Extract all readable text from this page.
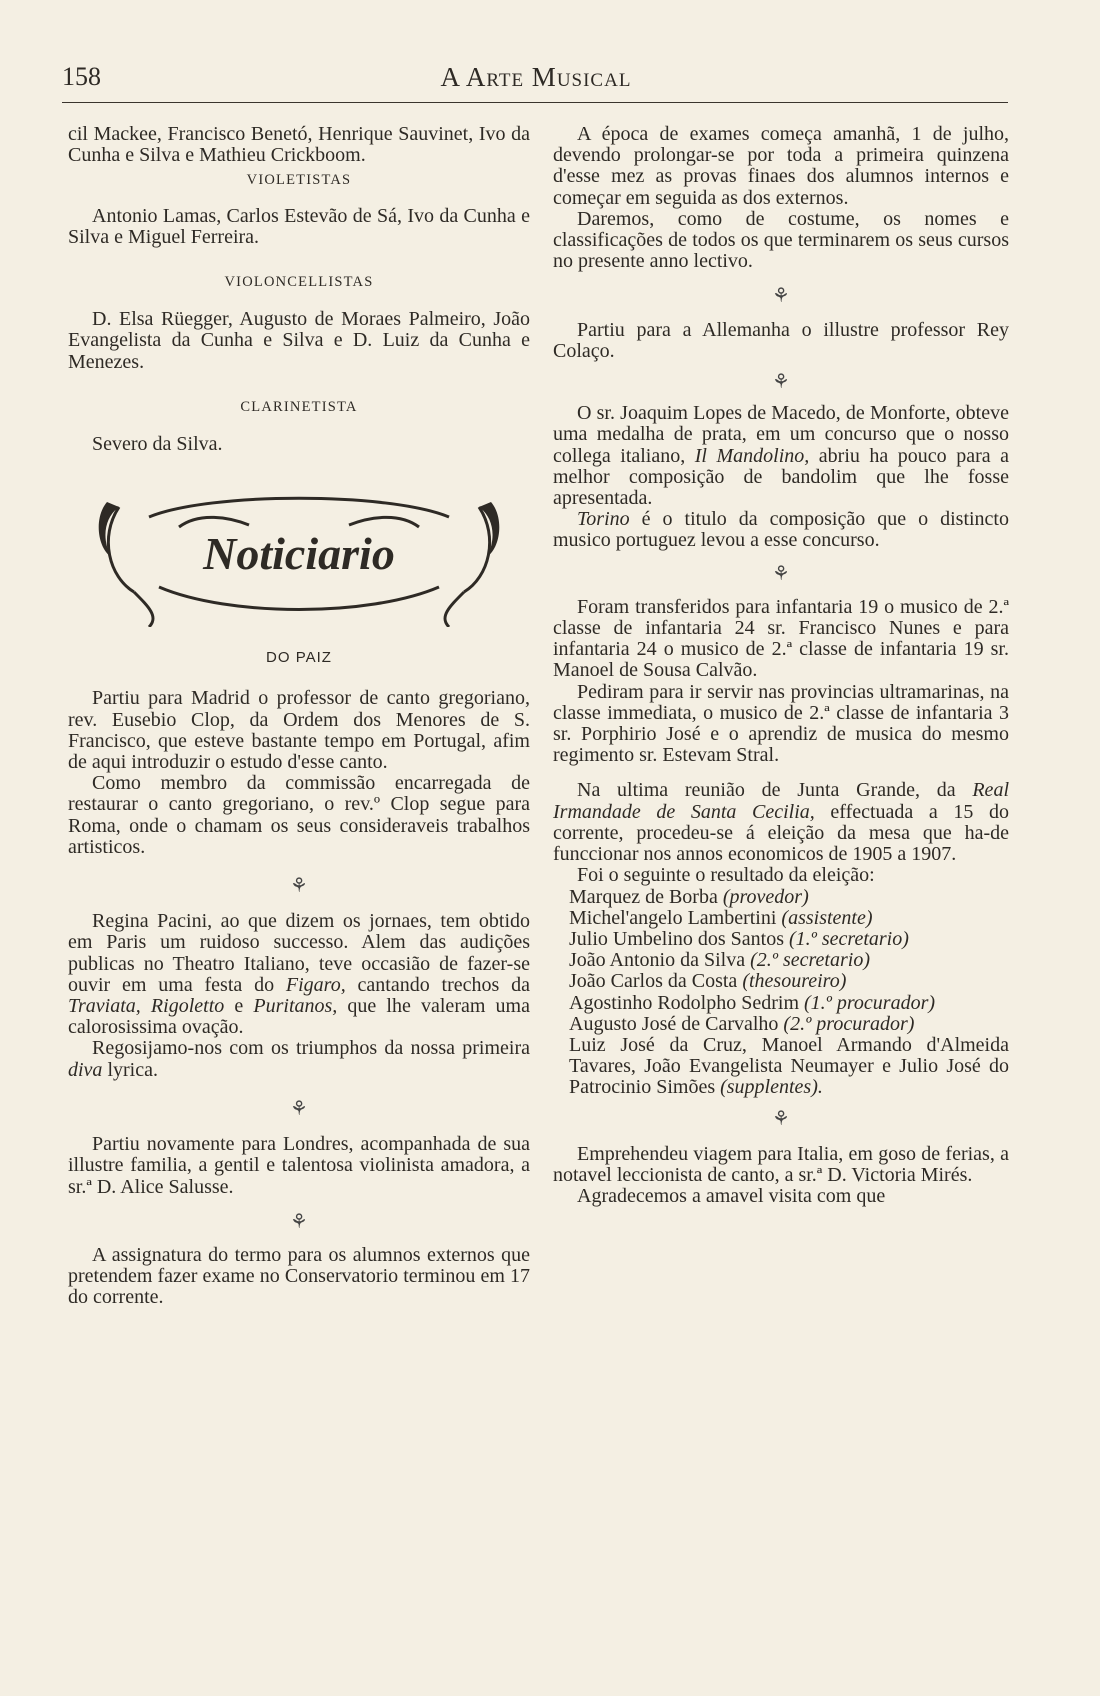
158	A Arte Musical

cil Mackee, Francisco Benetó, Henrique Sauvinet, Ivo da Cunha e Silva e Mathieu Crickboom.

VIOLETISTAS

Antonio Lamas, Carlos Estevão de Sá, Ivo da Cunha e Silva e Miguel Ferreira.

VIOLONCELLISTAS

D. Elsa Rüegger, Augusto de Moraes Palmeiro, João Evangelista da Cunha e Silva e D. Luiz da Cunha e Menezes.

CLARINETISTA

Severo da Silva.

Noticiario

DO PAIZ

Partiu para Madrid o professor de canto gregoriano, rev. Eusebio Clop, da Ordem dos Menores de S. Francisco, que esteve bastante tempo em Portugal, afim de aqui introduzir o estudo d'esse canto.

Como membro da commissão encarregada de restaurar o canto gregoriano, o rev.º Clop segue para Roma, onde o chamam os seus consideraveis trabalhos artisticos.

⚘

Regina Pacini, ao que dizem os jornaes, tem obtido em Paris um ruidoso successo. Alem das audições publicas no Theatro Italiano, teve occasião de fazer-se ouvir em uma festa do Figaro, cantando trechos da Traviata, Rigoletto e Puritanos, que lhe valeram uma calorosissima ovação.

Regosijamo-nos com os triumphos da nossa primeira diva lyrica.

⚘

Partiu novamente para Londres, acompanhada de sua illustre familia, a gentil e talentosa violinista amadora, a sr.ª D. Alice Salusse.

⚘

A assignatura do termo para os alumnos externos que pretendem fazer exame no Conservatorio terminou em 17 do corrente.

A época de exames começa amanhã, 1 de julho, devendo prolongar-se por toda a primeira quinzena d'esse mez as provas finaes dos alumnos internos e começar em seguida as dos externos.

Daremos, como de costume, os nomes e classificações de todos os que terminarem os seus cursos no presente anno lectivo.

⚘

Partiu para a Allemanha o illustre professor Rey Colaço.

⚘

O sr. Joaquim Lopes de Macedo, de Monforte, obteve uma medalha de prata, em um concurso que o nosso collega italiano, Il Mandolino, abriu ha pouco para a melhor composição de bandolim que lhe fosse apresentada.

Torino é o titulo da composição que o distincto musico portuguez levou a esse concurso.

⚘

Foram transferidos para infantaria 19 o musico de 2.ª classe de infantaria 24 sr. Francisco Nunes e para infantaria 24 o musico de 2.ª classe de infantaria 19 sr. Manoel de Sousa Calvão.

Pediram para ir servir nas provincias ultramarinas, na classe immediata, o musico de 2.ª classe de infantaria 3 sr. Porphirio José e o aprendiz de musica do mesmo regimento sr. Estevam Stral.

Na ultima reunião de Junta Grande, da Real Irmandade de Santa Cecilia, effectuada a 15 do corrente, procedeu-se á eleição da mesa que ha-de funccionar nos annos economicos de 1905 a 1907.

Foi o seguinte o resultado da eleição:

Marquez de Borba (provedor)

Michel'angelo Lambertini (assistente)

Julio Umbelino dos Santos (1.º secretario)

João Antonio da Silva (2.º secretario)

João Carlos da Costa (thesoureiro)

Agostinho Rodolpho Sedrim (1.º procurador)

Augusto José de Carvalho (2.º procurador)

Luiz José da Cruz, Manoel Armando d'Almeida Tavares, João Evangelista Neumayer e Julio José do Patrocinio Simões (supplentes).

⚘

Emprehendeu viagem para Italia, em goso de ferias, a notavel leccionista de canto, a sr.ª D. Victoria Mirés.

Agradecemos a amavel visita com que
